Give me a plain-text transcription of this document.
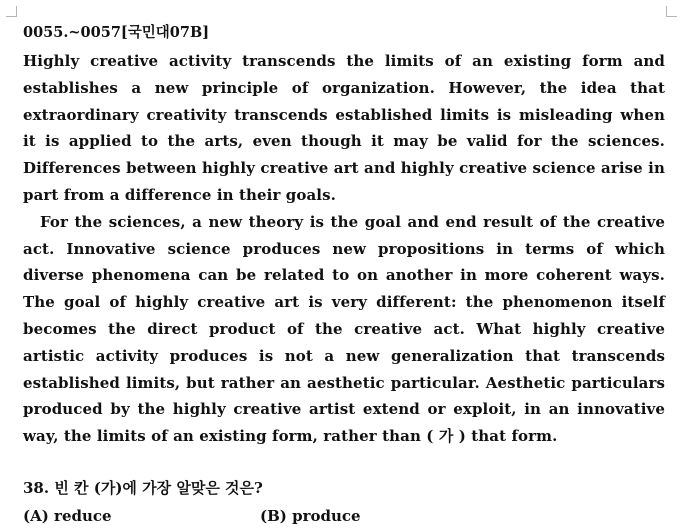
0055.~0057[국민대07B]

Highly creative activity transcends the limits of an existing form and establishes a new principle of organization. However, the idea that extraordinary creativity transcends established limits is misleading when it is applied to the arts, even though it may be valid for the sciences. Differences between highly creative art and highly creative science arise in part from a difference in their goals.

For the sciences, a new theory is the goal and end result of the creative act. Innovative science produces new propositions in terms of which diverse phenomena can be related to on another in more coherent ways. The goal of highly creative art is very different: the phenomenon itself becomes the direct product of the creative act. What highly creative artistic activity produces is not a new generalization that transcends established limits, but rather an aesthetic particular. Aesthetic particulars produced by the highly creative artist extend or exploit, in an innovative way, the limits of an existing form, rather than ( 가 ) that form.

38. 빈 칸 (가)에 가장 알맞은 것은?
(A) reduce	(B) produce
